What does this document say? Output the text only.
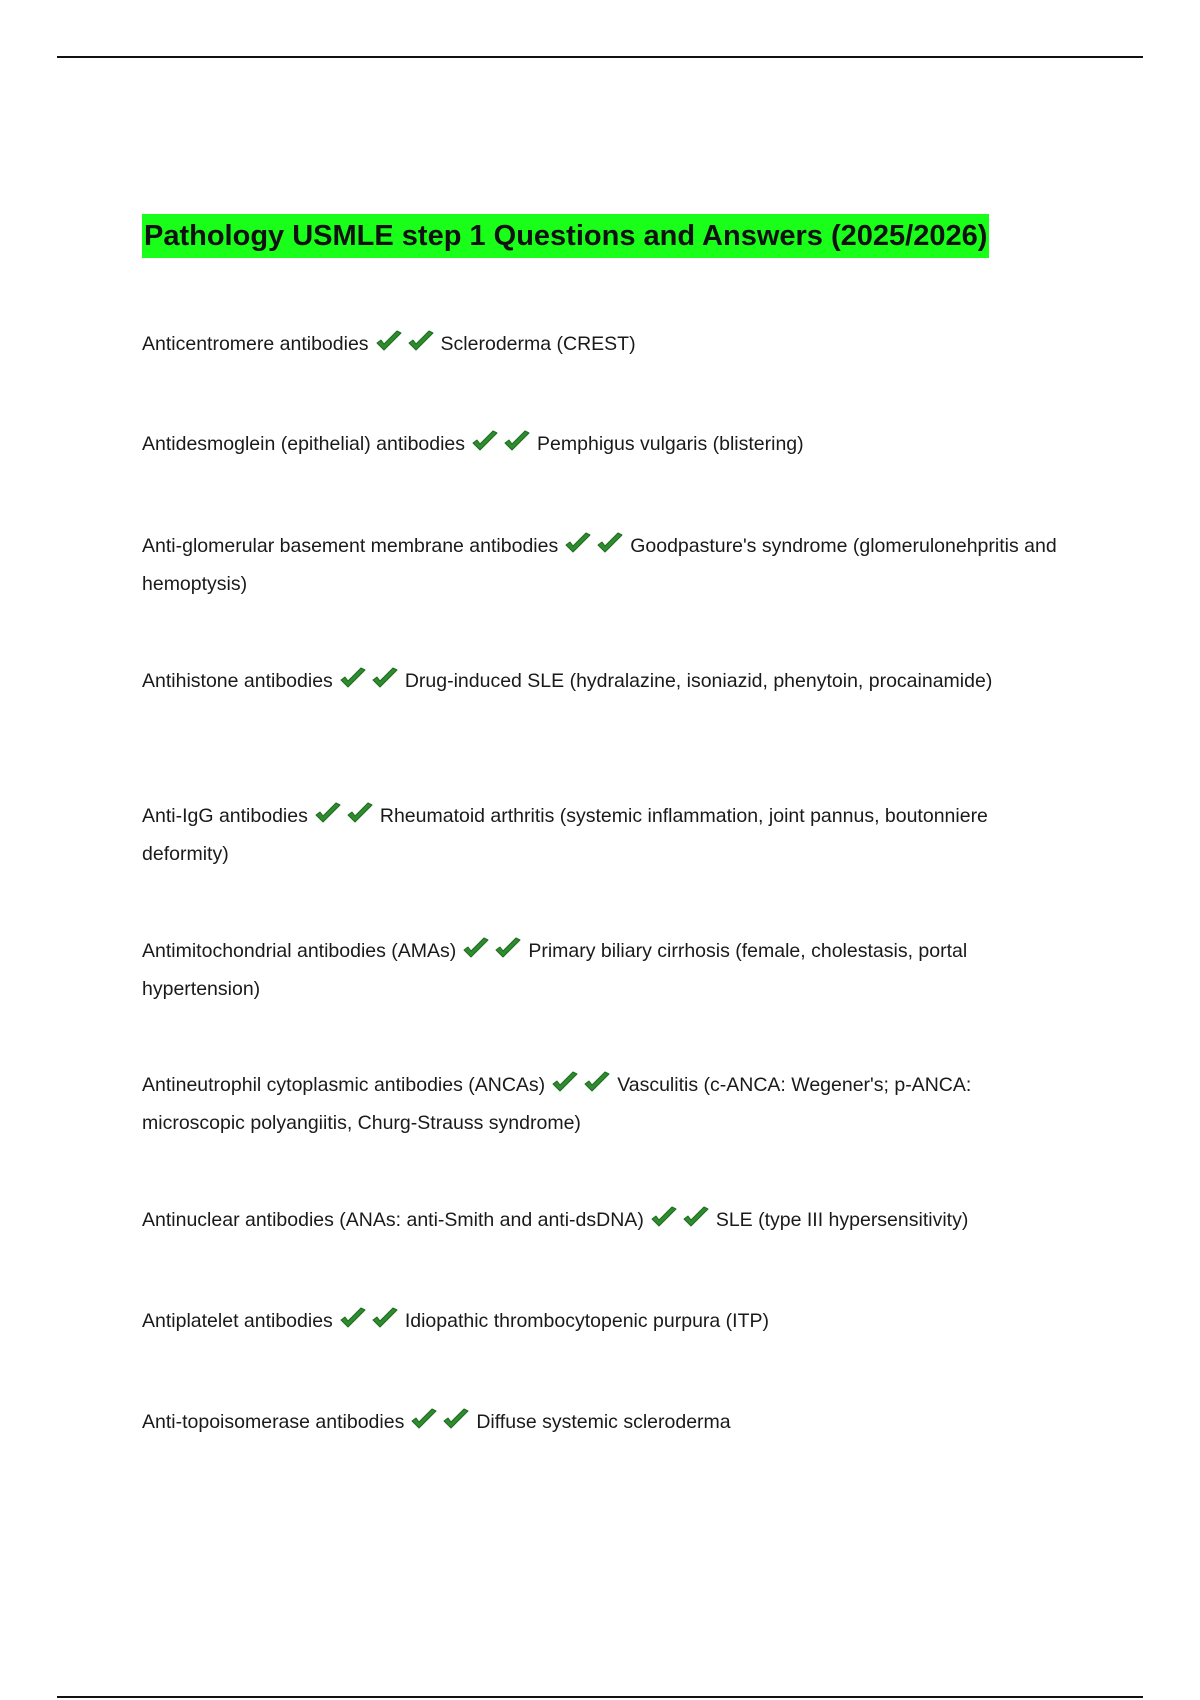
Pathology USMLE step 1 Questions and Answers (2025/2026)
Anticentromere antibodies	Scleroderma (CREST)
Antidesmoglein (epithelial) antibodies	Pemphigus vulgaris (blistering)
Anti-glomerular basement membrane antibodies	Goodpasture's syndrome (glomerulonehpritis and hemoptysis)
Antihistone antibodies	Drug-induced SLE (hydralazine, isoniazid, phenytoin, procainamide)
Anti-IgG antibodies	Rheumatoid arthritis (systemic inflammation, joint pannus, boutonniere deformity)
Antimitochondrial antibodies (AMAs)	Primary biliary cirrhosis (female, cholestasis, portal hypertension)
Antineutrophil cytoplasmic antibodies (ANCAs)	Vasculitis (c-ANCA: Wegener's; p-ANCA: microscopic polyangiitis, Churg-Strauss syndrome)
Antinuclear antibodies (ANAs: anti-Smith and anti-dsDNA)	SLE (type III hypersensitivity)
Antiplatelet antibodies	Idiopathic thrombocytopenic purpura (ITP)
Anti-topoisomerase antibodies	Diffuse systemic scleroderma
